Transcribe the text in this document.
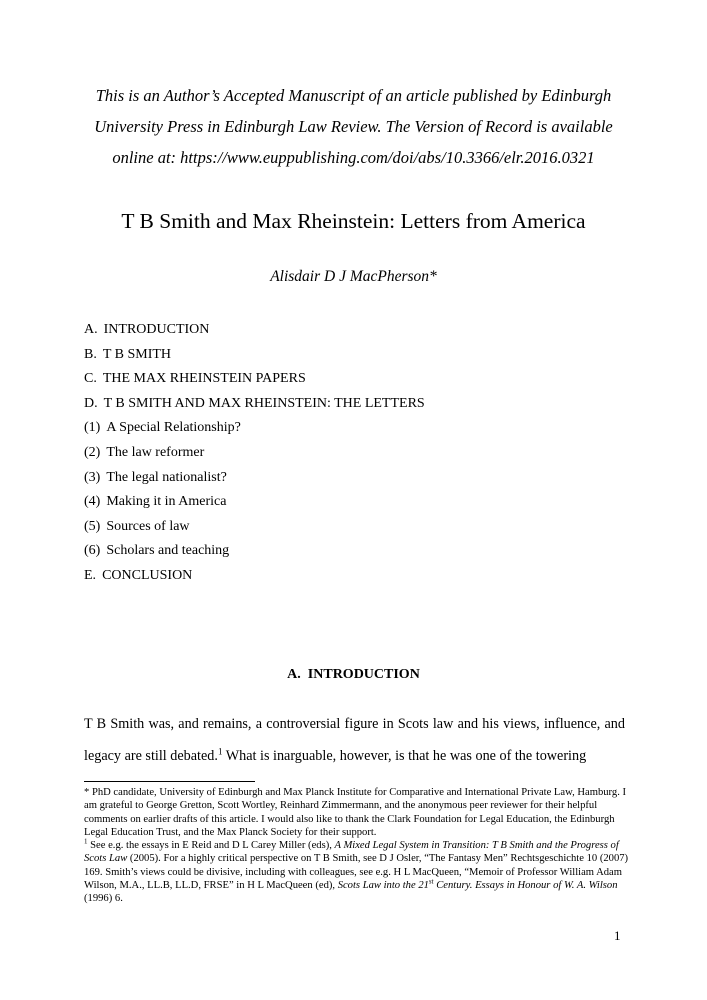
This is an Author’s Accepted Manuscript of an article published by Edinburgh
University Press in Edinburgh Law Review. The Version of Record is available
online at: https://www.euppublishing.com/doi/abs/10.3366/elr.2016.0321
T B Smith and Max Rheinstein: Letters from America
Alisdair D J MacPherson*
A. INTRODUCTION
B. T B SMITH
C. THE MAX RHEINSTEIN PAPERS
D. T B SMITH AND MAX RHEINSTEIN: THE LETTERS
(1) A Special Relationship?
(2) The law reformer
(3) The legal nationalist?
(4) Making it in America
(5) Sources of law
(6) Scholars and teaching
E. CONCLUSION
A. INTRODUCTION

T B Smith was, and remains, a controversial figure in Scots law and his views, influence, and legacy are still debated.$^1$ What is inarguable, however, is that he was one of the towering

* PhD candidate, University of Edinburgh and Max Planck Institute for Comparative and International Private Law, Hamburg. I am grateful to George Gretton, Scott Wortley, Reinhard Zimmermann, and the anonymous peer reviewer for their helpful comments on earlier drafts of this article. I would also like to thank the Clark Foundation for Legal Education, the Edinburgh Legal Education Trust, and the Max Planck Society for their support.

$^1$ See e.g. the essays in E Reid and D L Carey Miller (eds), A Mixed Legal System in Transition: T B Smith and the Progress of Scots Law (2005). For a highly critical perspective on T B Smith, see D J Osler, “The Fantasy Men” Rechtsgeschichte 10 (2007) 169. Smith’s views could be divisive, including with colleagues, see e.g. H L MacQueen, “Memoir of Professor William Adam Wilson, M.A., LL.B, LL.D, FRSE” in H L MacQueen (ed), Scots Law into the 21st Century. Essays in Honour of W. A. Wilson (1996) 6.

1
